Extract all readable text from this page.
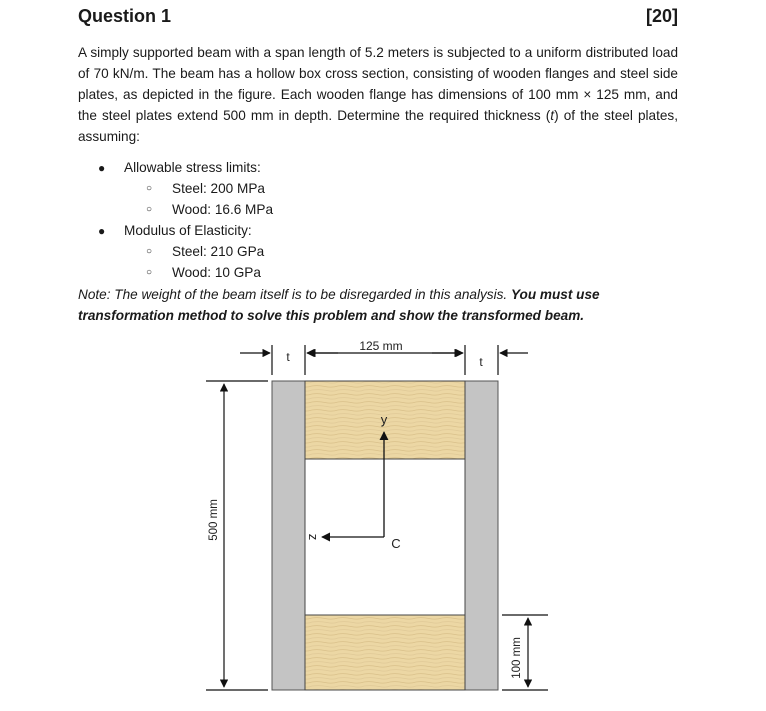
Question 1	[20]

A simply supported beam with a span length of 5.2 meters is subjected to a uniform distributed load of 70 kN/m. The beam has a hollow box cross section, consisting of wooden flanges and steel side plates, as depicted in the figure. Each wooden flange has dimensions of 100 mm × 125 mm, and the steel plates extend 500 mm in depth. Determine the required thickness (t) of the steel plates, assuming:

● Allowable stress limits:
○ Steel: 200 MPa
○ Wood: 16.6 MPa
● Modulus of Elasticity:
○ Steel: 210 GPa
○ Wood: 10 GPa

Note: The weight of the beam itself is to be disregarded in this analysis. You must use transformation method to solve this problem and show the transformed beam.

t
125 mm
t
500 mm
100 mm
y
z	C
